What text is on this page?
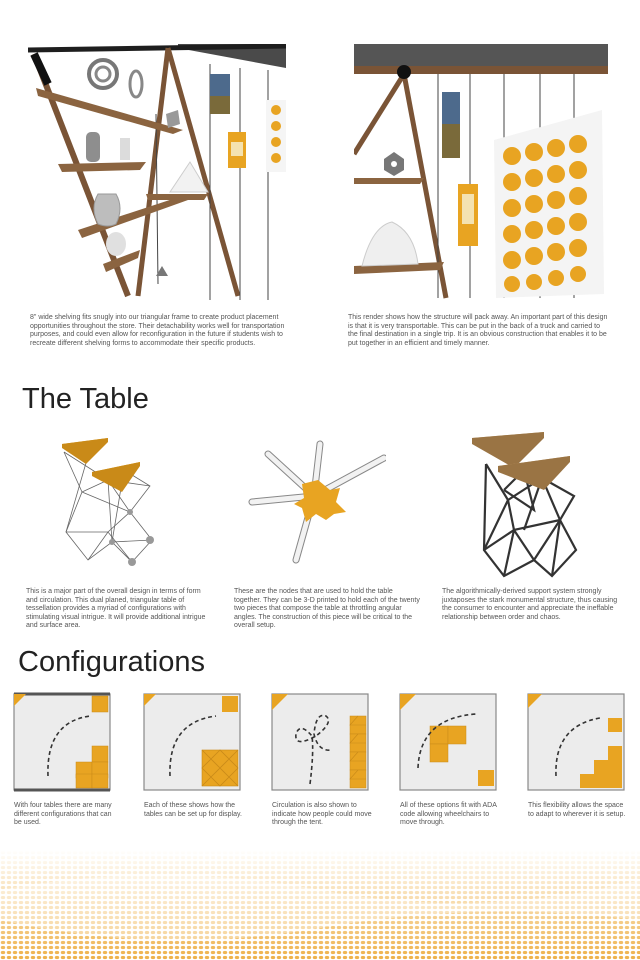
8" wide shelving fits snugly into our triangular frame to create product placement opportunities throughout the store. Their detachability works well for transportation purposes, and could even allow for reconfiguration in the future if students wish to recreate different shelving forms to accommodate their specific products.
This render shows how the structure will pack away. An important part of this design is that it is very transportable. This can be put in the back of a truck and carried to the final destination in a single trip. It is an obvious construction that enables it to be put together in an efficient and timely manner.
The Table
This is a major part of the overall design in terms of form and circulation. This dual planed, triangular table of tessellation provides a myriad of configurations with stimulating visual intrigue. It will provide additional intrigue and surface area.
These are the nodes that are used to hold the table together. They can be 3-D printed to hold each of the twenty two pieces that compose the table at throttling angular angles. The construction of this piece will be critical to the overall setup.
The algorithmically-derived support system strongly juxtaposes the stark monumental structure, thus causing the consumer to encounter and appreciate the ineffable relationship between order and chaos.
Configurations
With four tables there are many different configurations that can be used.
Each of these shows how the tables can be set up for display.
Circulation is also shown to indicate how people could move through the tent.
All of these options fit with ADA code allowing wheelchairs to move through.
This flexibility allows the space to adapt to wherever it is setup.
